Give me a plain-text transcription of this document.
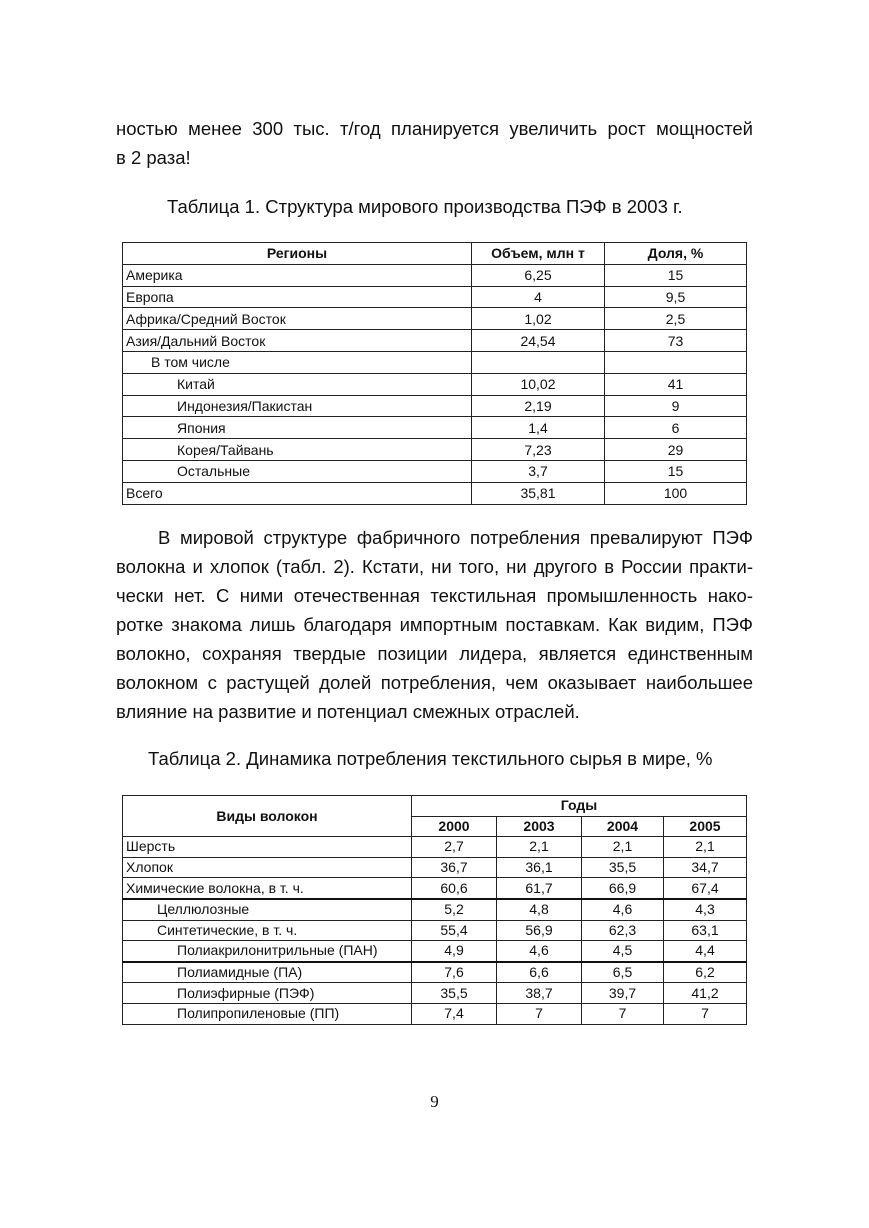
ностью менее 300 тыс. т/год планируется увеличить рост мощностей
в 2 раза!
Таблица 1. Структура мирового производства ПЭФ в 2003 г.
Регионы	Объем, млн т	Доля, %
Америка	6,25	15
Европа	4	9,5
Африка/Средний Восток	1,02	2,5
Азия/Дальний Восток	24,54	73
В том числе		
Китай	10,02	41
Индонезия/Пакистан	2,19	9
Япония	1,4	6
Корея/Тайвань	7,23	29
Остальные	3,7	15
Всего	35,81	100
В мировой структуре фабричного потребления превалируют ПЭФ
волокна и хлопок (табл. 2). Кстати, ни того, ни другого в России практи-
чески нет. С ними отечественная текстильная промышленность нако-
ротке знакома лишь благодаря импортным поставкам. Как видим, ПЭФ
волокно, сохраняя твердые позиции лидера, является единственным
волокном с растущей долей потребления, чем оказывает наибольшее
влияние на развитие и потенциал смежных отраслей.
Таблица 2. Динамика потребления текстильного сырья в мире, %
Виды волокон	Годы			
	2000	2003	2004	2005
Шерсть	2,7	2,1	2,1	2,1
Хлопок	36,7	36,1	35,5	34,7
Химические волокна, в т. ч.	60,6	61,7	66,9	67,4
Целлюлозные	5,2	4,8	4,6	4,3
Синтетические, в т. ч.	55,4	56,9	62,3	63,1
Полиакрилонитрильные (ПАН)	4,9	4,6	4,5	4,4
Полиамидные (ПА)	7,6	6,6	6,5	6,2
Полиэфирные (ПЭФ)	35,5	38,7	39,7	41,2
Полипропиленовые (ПП)	7,4	7	7	7
9
